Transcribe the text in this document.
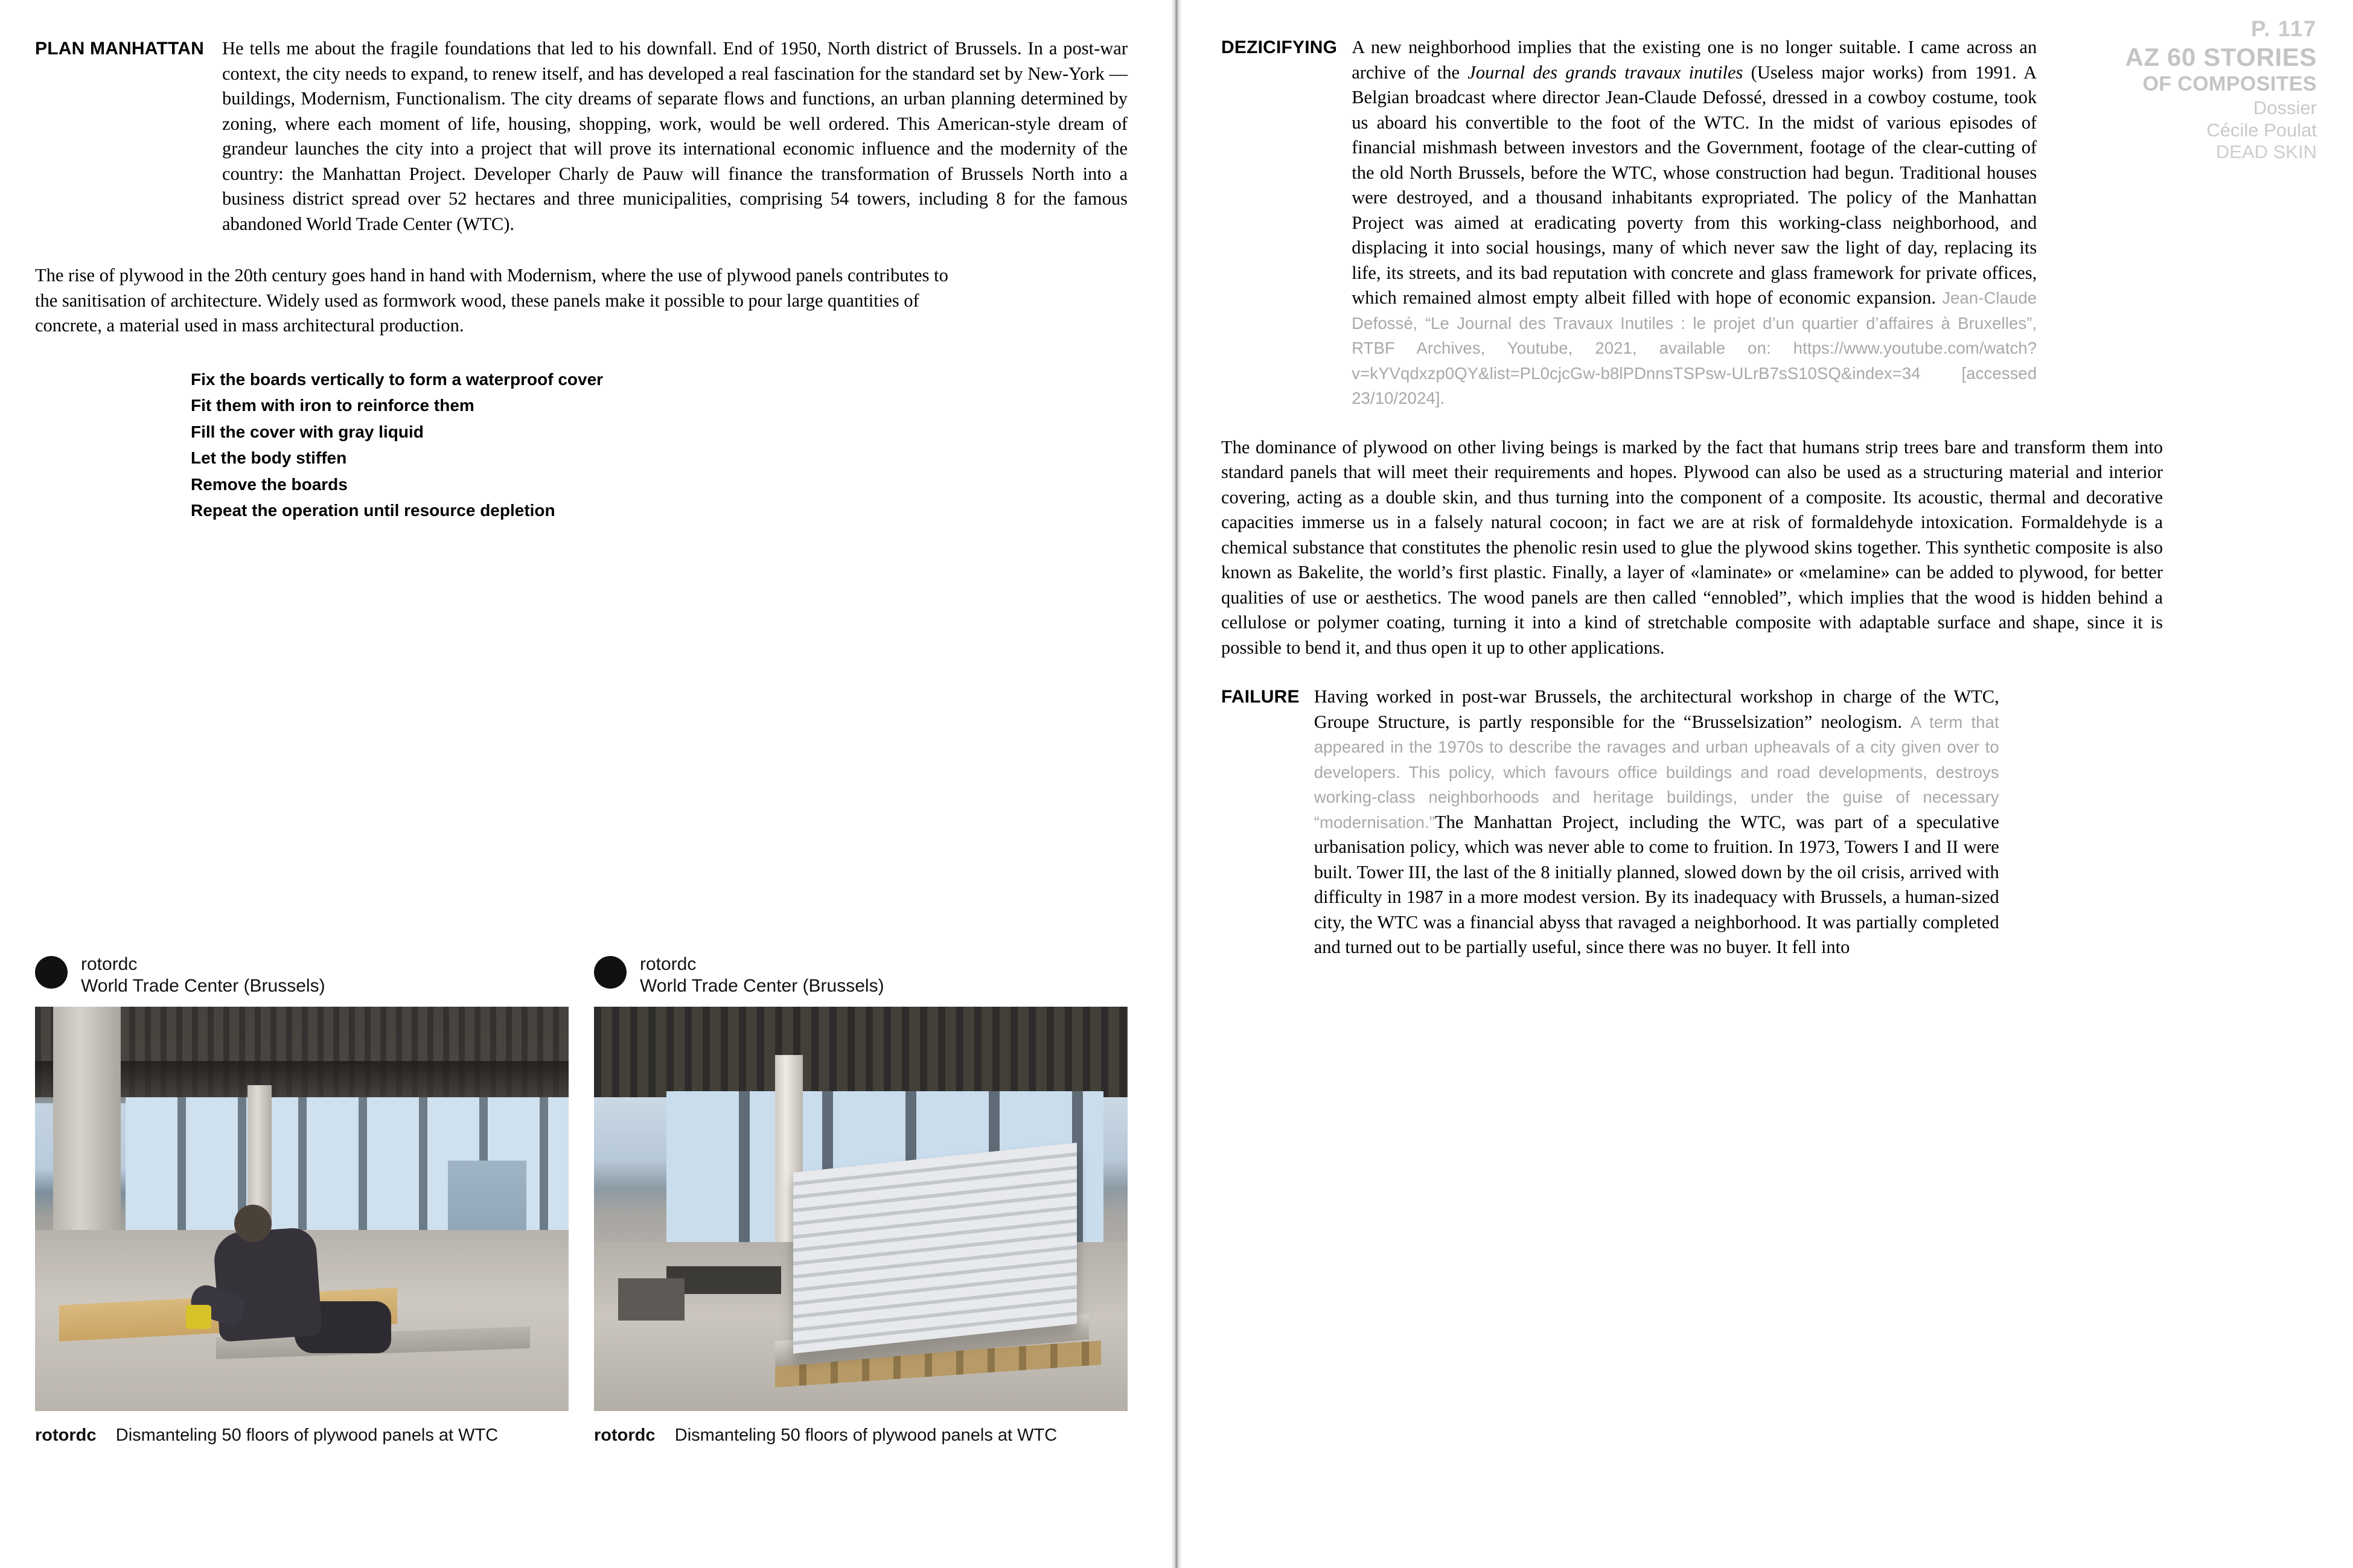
PLAN MANHATTAN He tells me about the fragile foundations that led to his downfall. End of 1950, North district of Brussels. In a post-war context, the city needs to expand, to renew itself, and has developed a real fascination for the standard set by New-York — buildings, Modernism, Functionalism. The city dreams of separate flows and functions, an urban planning determined by zoning, where each moment of life, housing, shopping, work, would be well ordered. This American-style dream of grandeur launches the city into a project that will prove its international economic influence and the modernity of the country: the Manhattan Project. Developer Charly de Pauw will finance the transformation of Brussels North into a business district spread over 52 hectares and three municipalities, comprising 54 towers, including 8 for the famous abandoned World Trade Center (WTC).
The rise of plywood in the 20th century goes hand in hand with Modernism, where the use of plywood panels contributes to the sanitisation of architecture. Widely used as formwork wood, these panels make it possible to pour large quantities of concrete, a material used in mass architectural production.
Fix the boards vertically to form a waterproof cover
Fit them with iron to reinforce them
Fill the cover with gray liquid
Let the body stiffen
Remove the boards
Repeat the operation until resource depletion
rotordc
World Trade Center (Brussels)
rotordc Dismanteling 50 floors of plywood panels at WTC
rotordc
World Trade Center (Brussels)
rotordc Dismanteling 50 floors of plywood panels at WTC
P. 117
AZ 60 STORIES
OF COMPOSITES
Dossier
Cécile Poulat
DEAD SKIN
DEZICIFYING A new neighborhood implies that the existing one is no longer suitable. I came across an archive of the Journal des grands travaux inutiles (Useless major works) from 1991. A Belgian broadcast where director Jean-Claude Defossé, dressed in a cowboy costume, took us aboard his convertible to the foot of the WTC. In the midst of various episodes of financial mishmash between investors and the Government, footage of the clear-cutting of the old North Brussels, before the WTC, whose construction had begun. Traditional houses were destroyed, and a thousand inhabitants expropriated. The policy of the Manhattan Project was aimed at eradicating poverty from this working-class neighborhood, and displacing it into social housings, many of which never saw the light of day, replacing its life, its streets, and its bad reputation with concrete and glass framework for private offices, which remained almost empty albeit filled with hope of economic expansion. Jean-Claude Defossé, “Le Journal des Travaux Inutiles : le projet d’un quartier d’affaires à Bruxelles”, RTBF Archives, Youtube, 2021, available on: https://www.youtube.com/watch?v=kYVqdxzp0QY&list=PL0cjcGw-b8lPDnnsTSPsw-ULrB7sS10SQ&index=34 [accessed 23/10/2024].
The dominance of plywood on other living beings is marked by the fact that humans strip trees bare and transform them into standard panels that will meet their requirements and hopes. Plywood can also be used as a structuring material and interior covering, acting as a double skin, and thus turning into the component of a composite. Its acoustic, thermal and decorative capacities immerse us in a falsely natural cocoon; in fact we are at risk of formaldehyde intoxication. Formaldehyde is a chemical substance that constitutes the phenolic resin used to glue the plywood skins together. This synthetic composite is also known as Bakelite, the world’s first plastic. Finally, a layer of «laminate» or «melamine» can be added to plywood, for better qualities of use or aesthetics. The wood panels are then called “ennobled”, which implies that the wood is hidden behind a cellulose or polymer coating, turning it into a kind of stretchable composite with adaptable surface and shape, since it is possible to bend it, and thus open it up to other applications.
FAILURE Having worked in post-war Brussels, the architectural workshop in charge of the WTC, Groupe Structure, is partly responsible for the “Brusselsization” neologism. A term that appeared in the 1970s to describe the ravages and urban upheavals of a city given over to developers. This policy, which favours office buildings and road developments, destroys working-class neighborhoods and heritage buildings, under the guise of necessary “modernisation.”The Manhattan Project, including the WTC, was part of a speculative urbanisation policy, which was never able to come to fruition. In 1973, Towers I and II were built. Tower III, the last of the 8 initially planned, slowed down by the oil crisis, arrived with difficulty in 1987 in a more modest version. By its inadequacy with Brussels, a human-sized city, the WTC was a financial abyss that ravaged a neighborhood. It was partially completed and turned out to be partially useful, since there was no buyer. It fell into
